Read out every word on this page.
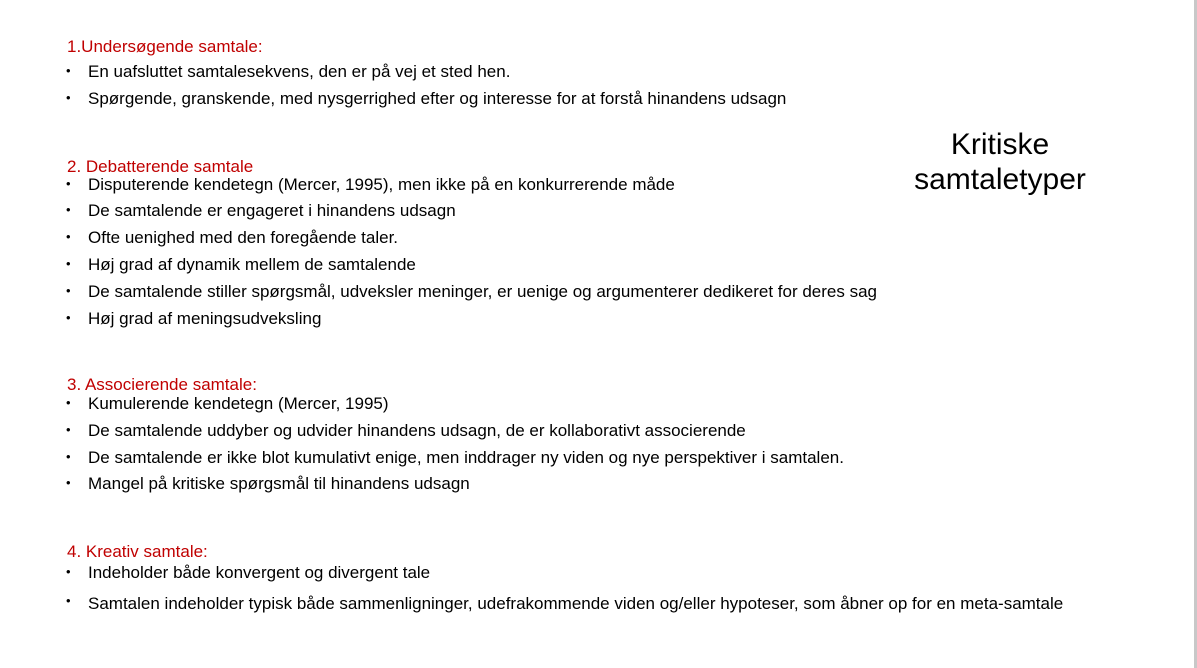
1.Undersøgende samtale:
• En uafsluttet samtalesekvens, den er på vej et sted hen.
• Spørgende, granskende, med nysgerrighed efter og interesse for at forstå hinandens udsagn
2. Debatterende samtale
• Disputerende kendetegn (Mercer, 1995), men ikke på en konkurrerende måde
• De samtalende er engageret i hinandens udsagn
• Ofte uenighed med den foregående taler.
• Høj grad af dynamik mellem de samtalende
• De samtalende stiller spørgsmål, udveksler meninger, er uenige og argumenterer dedikeret for deres sag
• Høj grad af meningsudveksling
3. Associerende samtale:
• Kumulerende kendetegn (Mercer, 1995)
• De samtalende uddyber og udvider hinandens udsagn, de er kollaborativt associerende
• De samtalende er ikke blot kumulativt enige, men inddrager ny viden og nye perspektiver i samtalen.
• Mangel på kritiske spørgsmål til hinandens udsagn
4. Kreativ samtale:
• Indeholder både konvergent og divergent tale
• Samtalen indeholder typisk både sammenligninger, udefrakommende viden og/eller hypoteser, som åbner op for en meta-samtale
Kritiske
samtaletyper
